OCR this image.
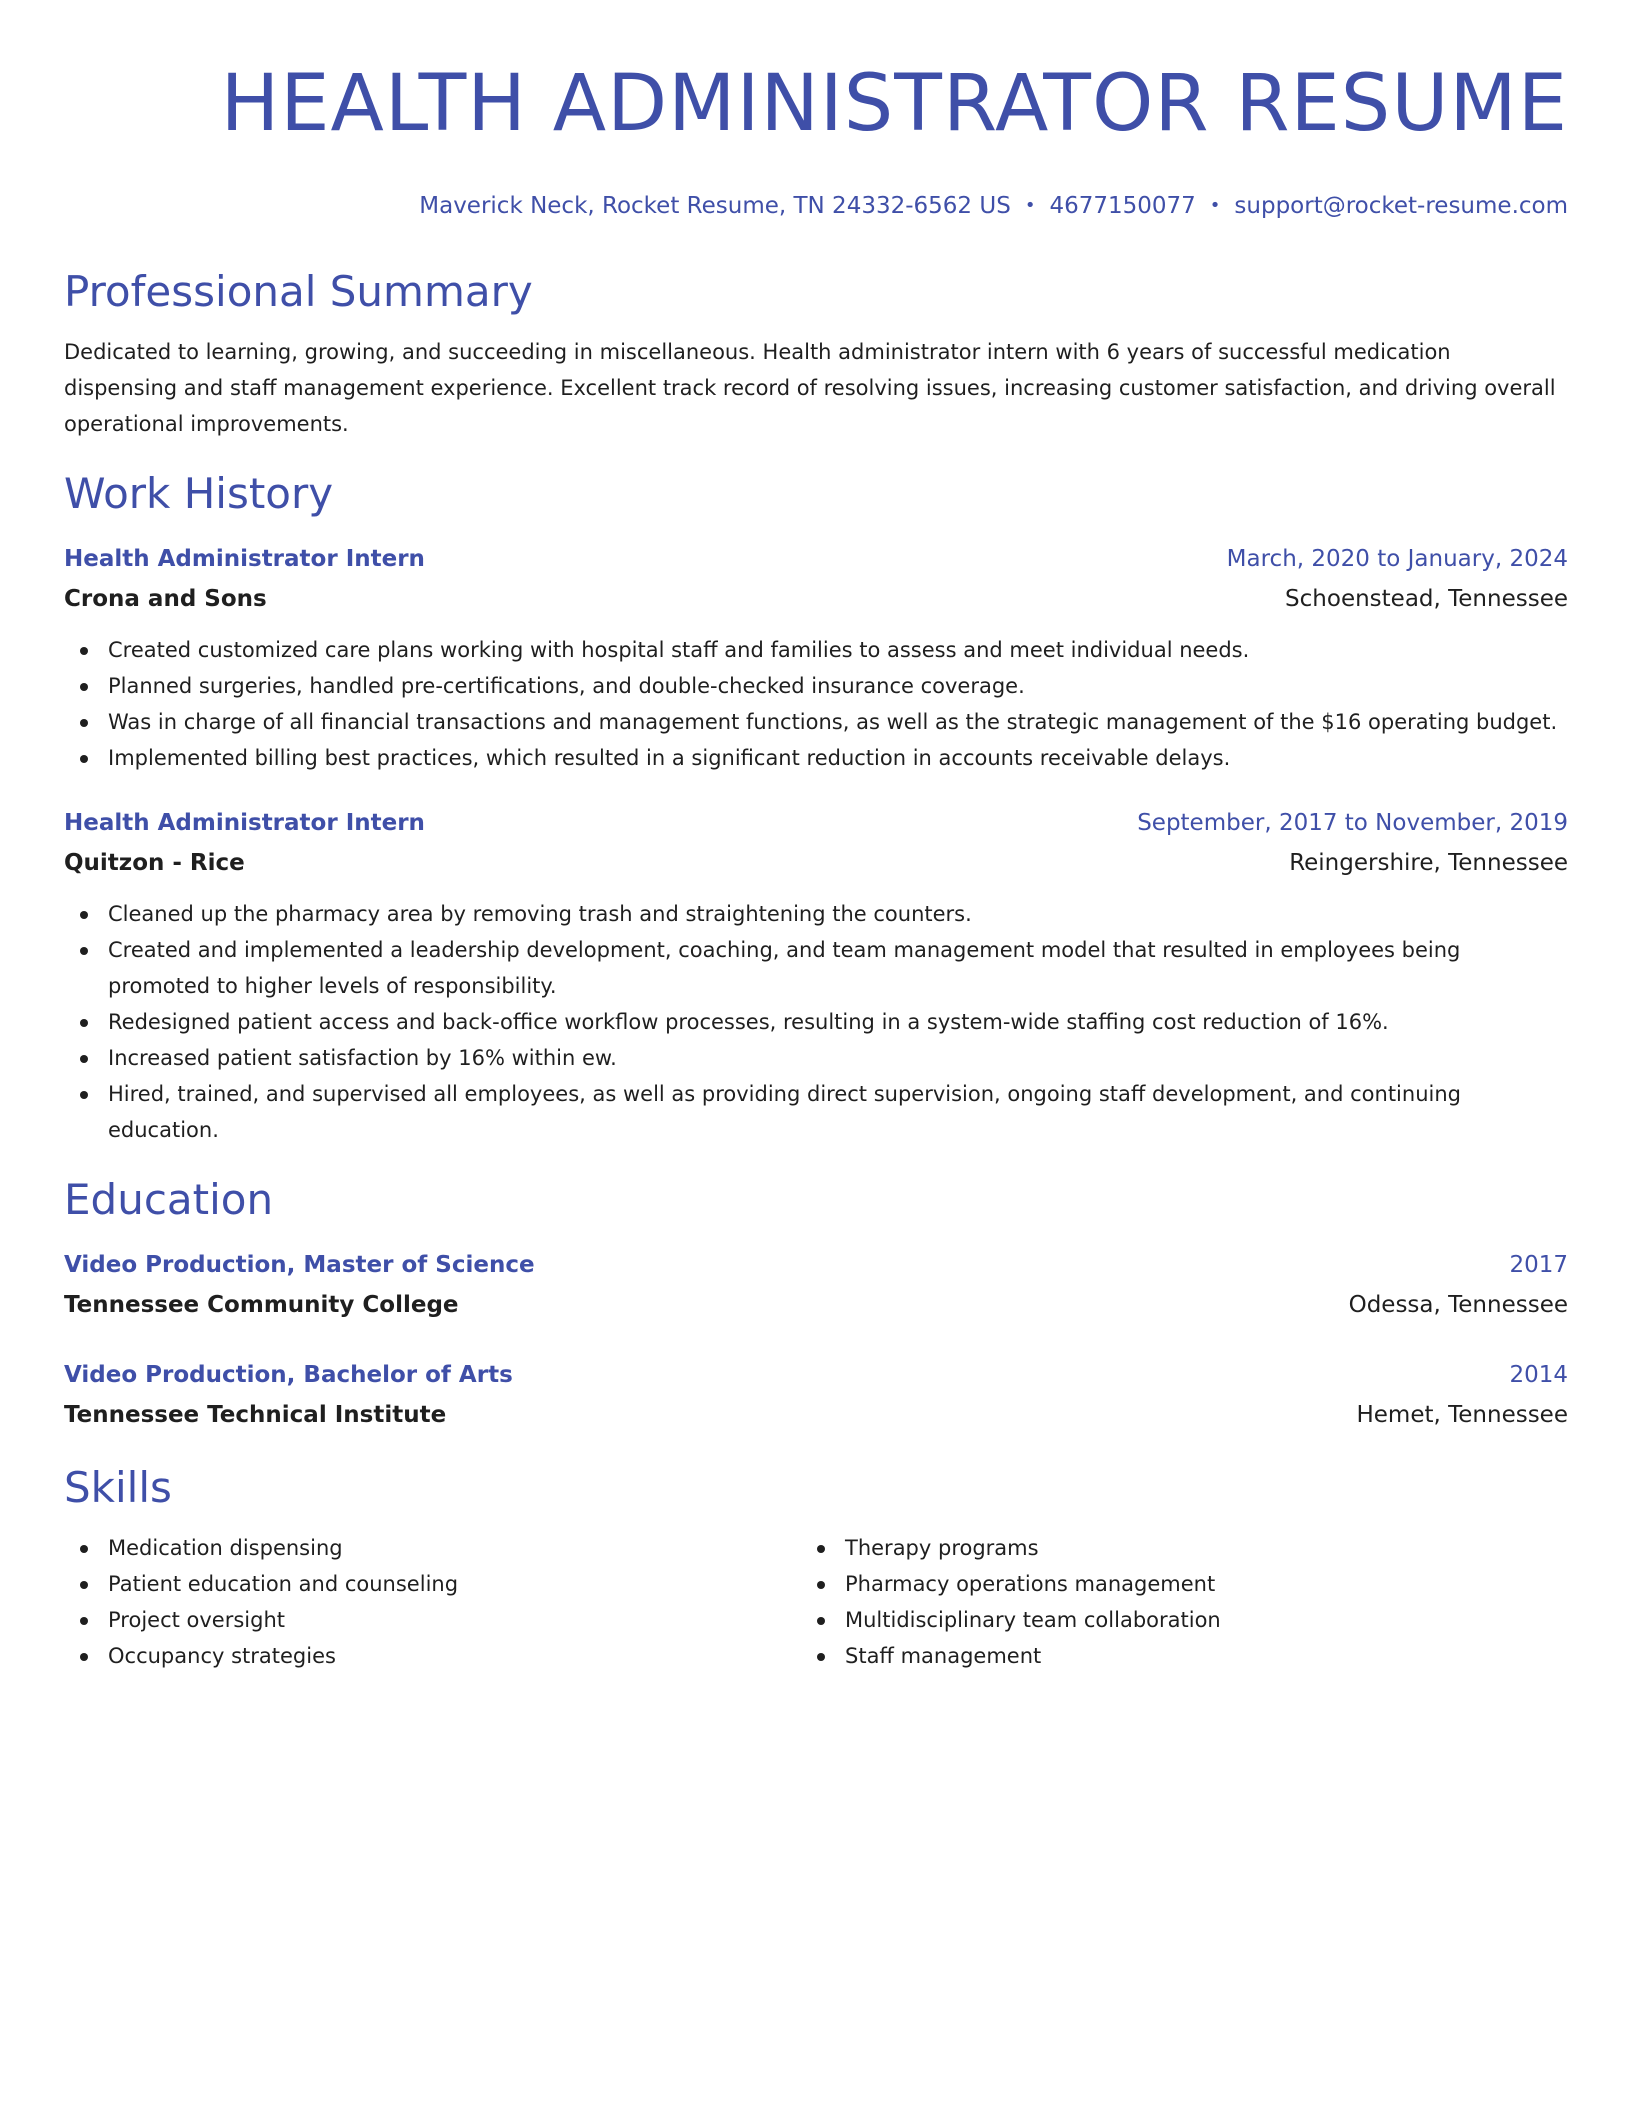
HEALTH ADMINISTRATOR RESUME
Maverick Neck, Rocket Resume, TN 24332-6562 US • 4677150077 • support@rocket-resume.com
Professional Summary

Dedicated to learning, growing, and succeeding in miscellaneous. Health administrator intern with 6 years of successful medication dispensing and staff management experience. Excellent track record of resolving issues, increasing customer satisfaction, and driving overall operational improvements.

Work History
Health Administrator Intern	March, 2020 to January, 2024
Crona and Sons	Schoenstead, Tennessee
Created customized care plans working with hospital staff and families to assess and meet individual needs.
Planned surgeries, handled pre-certifications, and double-checked insurance coverage.
Was in charge of all financial transactions and management functions, as well as the strategic management of the $16 operating budget.
Implemented billing best practices, which resulted in a significant reduction in accounts receivable delays.
Health Administrator Intern	September, 2017 to November, 2019
Quitzon - Rice	Reingershire, Tennessee
Cleaned up the pharmacy area by removing trash and straightening the counters.
Created and implemented a leadership development, coaching, and team management model that resulted in employees being promoted to higher levels of responsibility.
Redesigned patient access and back-office workflow processes, resulting in a system-wide staffing cost reduction of 16%.
Increased patient satisfaction by 16% within ew.
Hired, trained, and supervised all employees, as well as providing direct supervision, ongoing staff development, and continuing education.
Education
Video Production, Master of Science	2017
Tennessee Community College	Odessa, Tennessee
Video Production, Bachelor of Arts	2014
Tennessee Technical Institute	Hemet, Tennessee
Skills
Medication dispensing
Patient education and counseling
Project oversight
Occupancy strategies
Therapy programs
Pharmacy operations management
Multidisciplinary team collaboration
Staff management
